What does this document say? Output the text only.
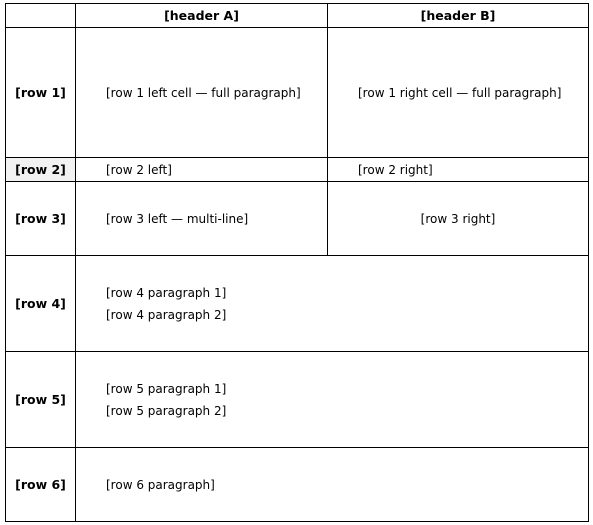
	[header A]	[header B]
[row 1]	[row 1 left cell — full paragraph]	[row 1 right cell — full paragraph]

[row 2]	[row 2 left]	[row 2 right]

[row 3]	[row 3 left — multi-line]	[row 3 right]
[row 4]	[row 4 paragraph 1]

[row 4 paragraph 2]	

[row 5]	[row 5 paragraph 1]

[row 5 paragraph 2]	

[row 6]	[row 6 paragraph]	
